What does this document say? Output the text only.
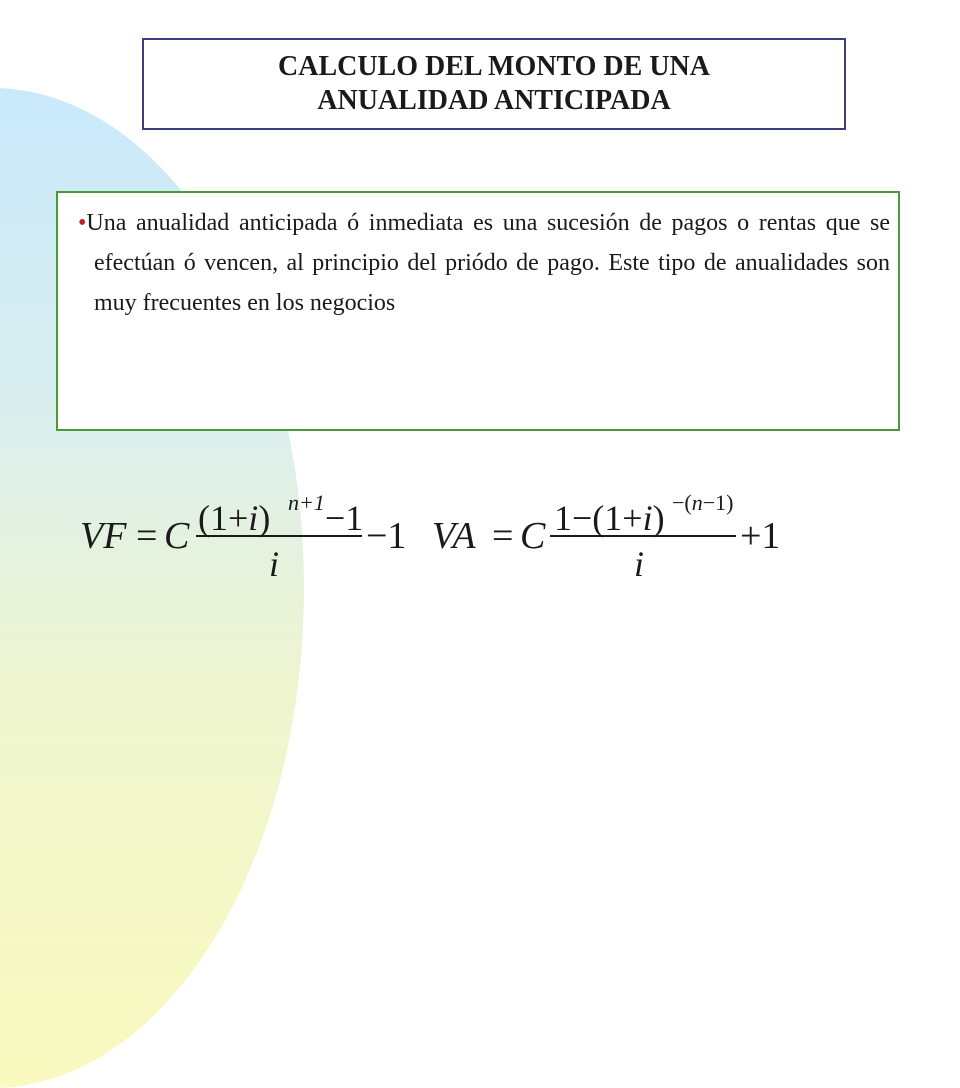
CALCULO DEL MONTO DE UNA
ANUALIDAD ANTICIPADA

•Una anualidad anticipada ó inmediata es una sucesión de pagos o rentas que se efectúan ó vencen, al principio del priódo de pago. Este tipo de anualidades son muy frecuentes en los negocios

VF = C (1+i) n+1 −1
i
−1 VA = C 1−(1+i) −(n−1)
i
+1
